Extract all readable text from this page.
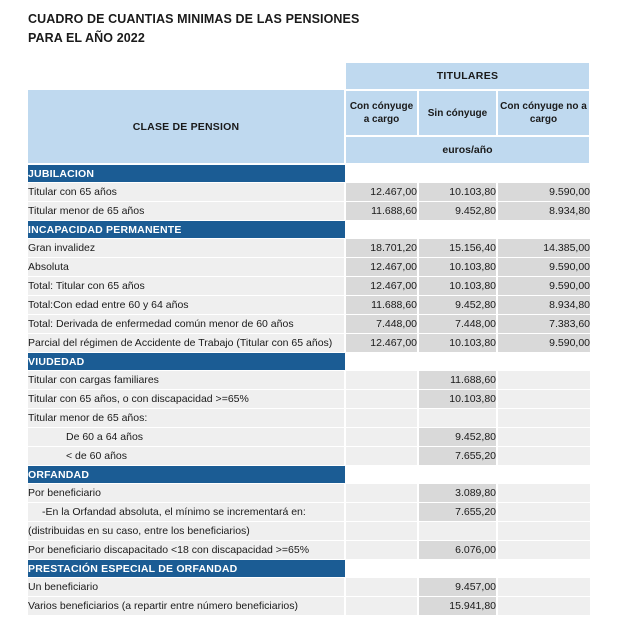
CUADRO DE CUANTIAS MINIMAS DE LAS PENSIONES
PARA EL AÑO 2022
	TITULARES		
CLASE DE PENSION	Con cónyuge a cargo	Sin cónyuge	Con cónyuge no a cargo
	euros/año		
JUBILACION			
Titular con 65 años	12.467,00	10.103,80	9.590,00
Titular menor de 65 años	11.688,60	9.452,80	8.934,80
INCAPACIDAD PERMANENTE			
Gran invalidez	18.701,20	15.156,40	14.385,00
Absoluta	12.467,00	10.103,80	9.590,00
Total: Titular con 65 años	12.467,00	10.103,80	9.590,00
Total:Con edad entre 60 y 64 años	11.688,60	9.452,80	8.934,80
Total: Derivada de enfermedad común menor de 60 años	7.448,00	7.448,00	7.383,60
Parcial del régimen de Accidente de Trabajo (Titular con 65 años)	12.467,00	10.103,80	9.590,00
VIUDEDAD			
Titular con cargas familiares		11.688,60	
Titular con 65 años, o con discapacidad >=65%		10.103,80	
Titular menor de 65 años:			
De 60 a 64 años		9.452,80	
< de 60 años		7.655,20	
ORFANDAD			
Por beneficiario		3.089,80	
-En la Orfandad absoluta, el mínimo se incrementará en:		7.655,20	
(distribuidas en su caso, entre los beneficiarios)			
Por beneficiario discapacitado <18 con discapacidad >=65%		6.076,00	
PRESTACIÓN ESPECIAL DE ORFANDAD			
Un beneficiario		9.457,00	
Varios beneficiarios (a repartir entre número beneficiarios)		15.941,80	
